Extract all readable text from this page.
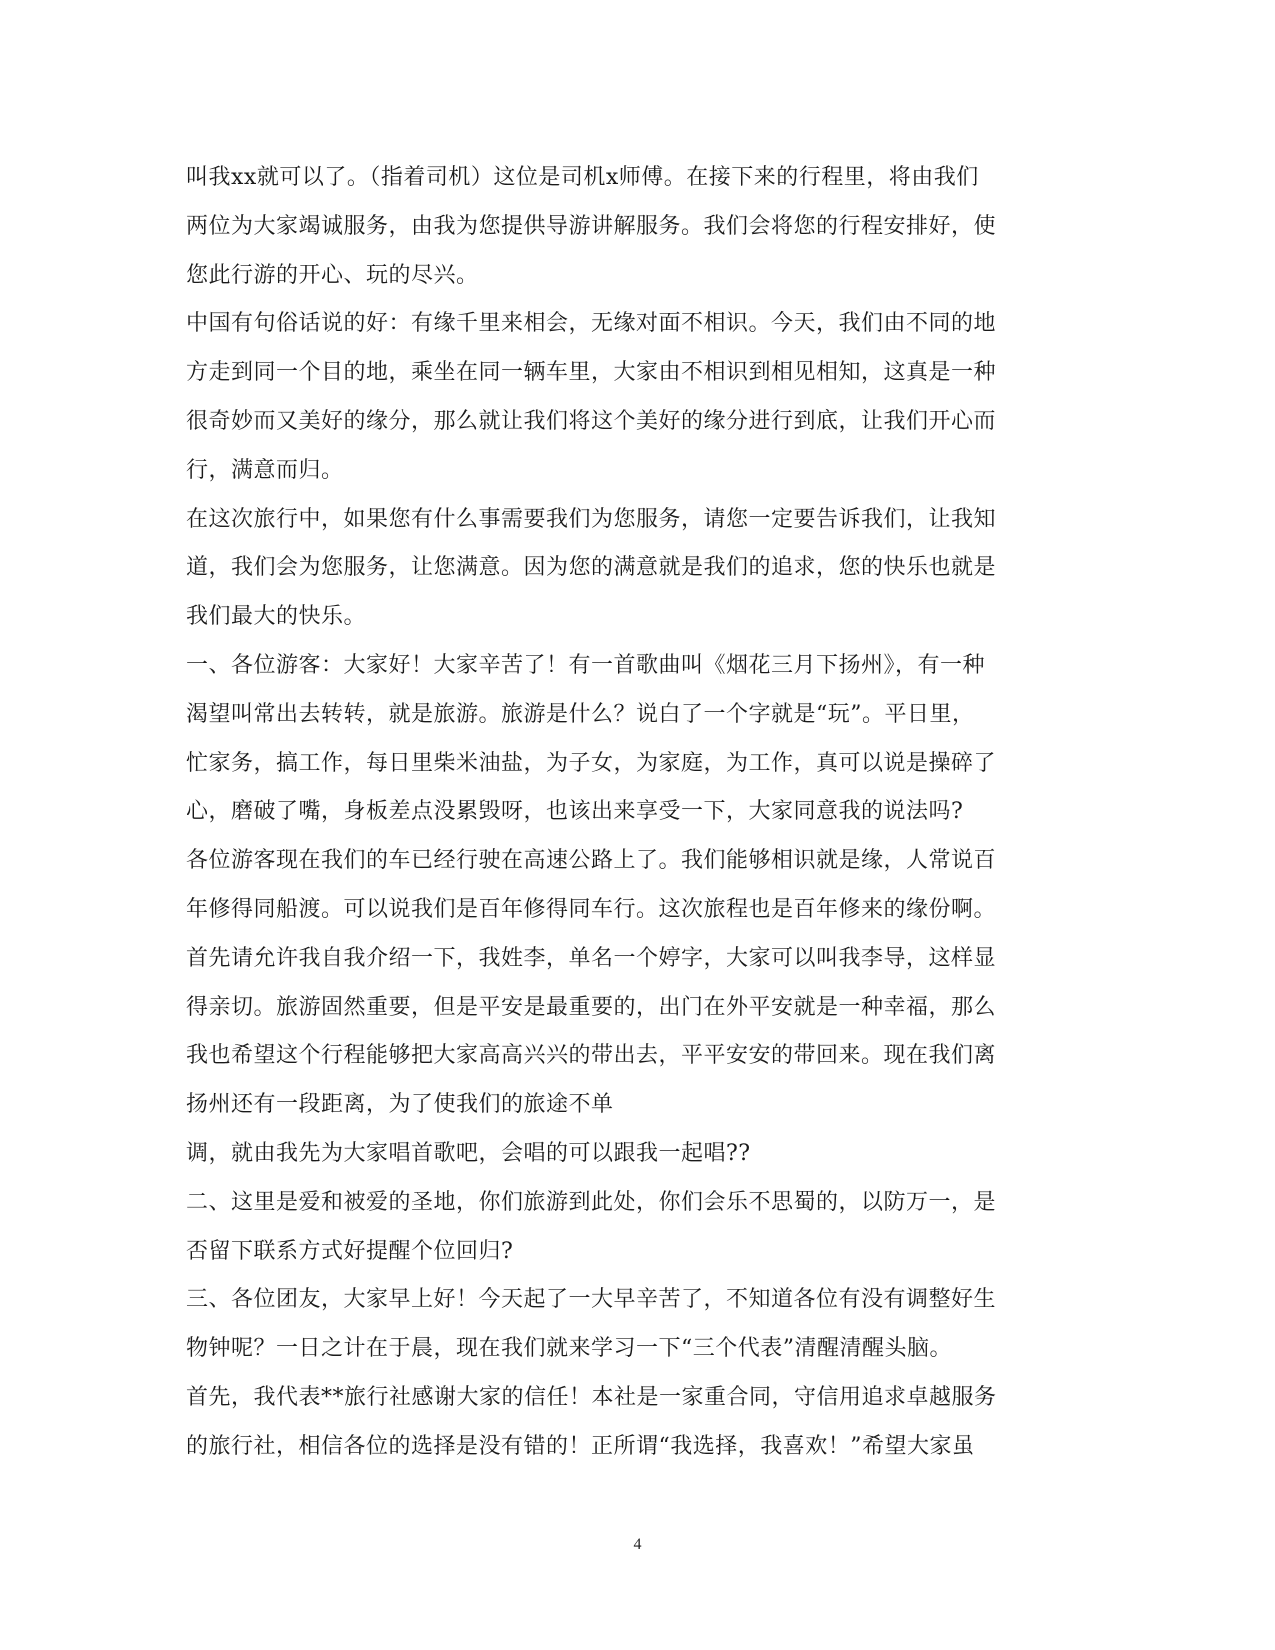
叫我xx就可以了。（指着司机）这位是司机x师傅。在接下来的行程里，将由我们
两位为大家竭诚服务，由我为您提供导游讲解服务。我们会将您的行程安排好，使
您此行游的开心、玩的尽兴。
中国有句俗话说的好：有缘千里来相会，无缘对面不相识。今天，我们由不同的地
方走到同一个目的地，乘坐在同一辆车里，大家由不相识到相见相知，这真是一种
很奇妙而又美好的缘分，那么就让我们将这个美好的缘分进行到底，让我们开心而
行，满意而归。
在这次旅行中，如果您有什么事需要我们为您服务，请您一定要告诉我们，让我知
道，我们会为您服务，让您满意。因为您的满意就是我们的追求，您的快乐也就是
我们最大的快乐。
一、各位游客：大家好！大家辛苦了！有一首歌曲叫《烟花三月下扬州》，有一种
渴望叫常出去转转，就是旅游。旅游是什么？说白了一个字就是“玩”。平日里，
忙家务，搞工作，每日里柴米油盐，为子女，为家庭，为工作，真可以说是操碎了
心，磨破了嘴，身板差点没累毁呀，也该出来享受一下，大家同意我的说法吗?
各位游客现在我们的车已经行驶在高速公路上了。我们能够相识就是缘，人常说百
年修得同船渡。可以说我们是百年修得同车行。这次旅程也是百年修来的缘份啊。
首先请允许我自我介绍一下，我姓李，单名一个婷字，大家可以叫我李导，这样显
得亲切。旅游固然重要，但是平安是最重要的，出门在外平安就是一种幸福，那么
我也希望这个行程能够把大家高高兴兴的带出去，平平安安的带回来。现在我们离
扬州还有一段距离，为了使我们的旅途不单
调，就由我先为大家唱首歌吧，会唱的可以跟我一起唱??
二、这里是爱和被爱的圣地，你们旅游到此处，你们会乐不思蜀的，以防万一，是
否留下联系方式好提醒个位回归?
三、各位团友，大家早上好！今天起了一大早辛苦了，不知道各位有没有调整好生
物钟呢？一日之计在于晨，现在我们就来学习一下“三个代表”清醒清醒头脑。
首先，我代表**旅行社感谢大家的信任！本社是一家重合同，守信用追求卓越服务
的旅行社，相信各位的选择是没有错的！正所谓“我选择，我喜欢！”希望大家虽
4
